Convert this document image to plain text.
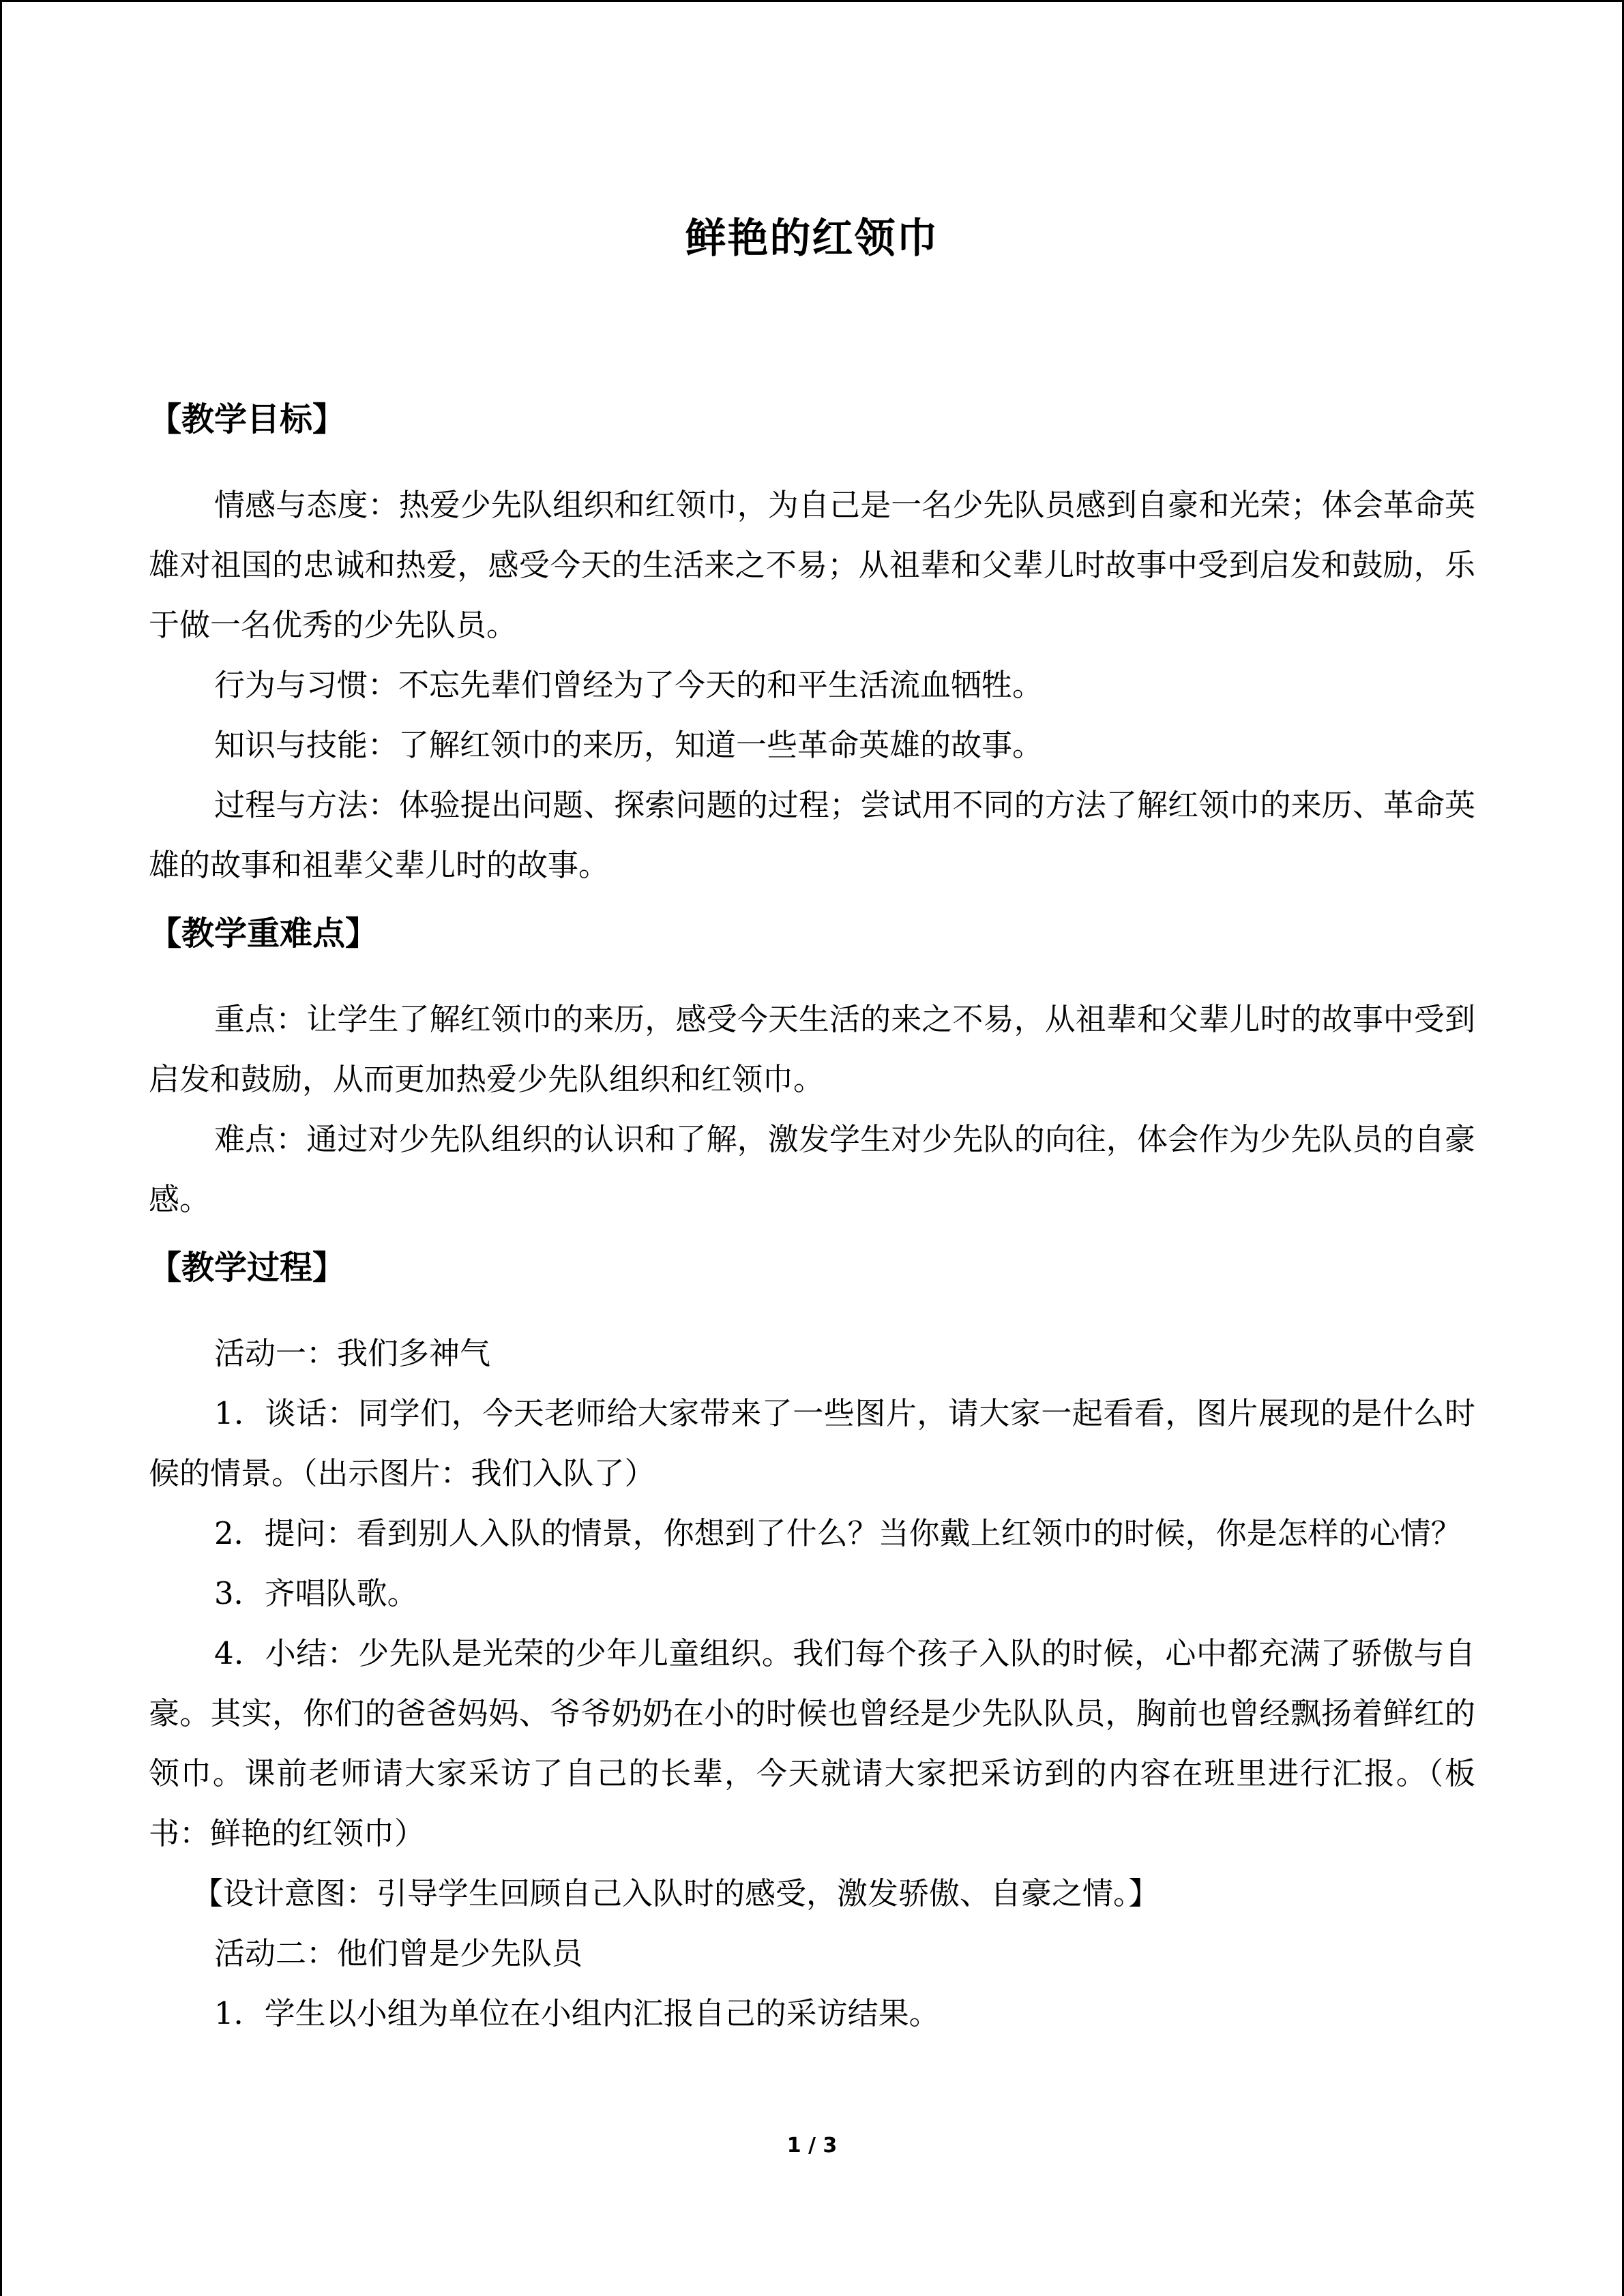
鲜艳的红领巾
【教学目标】

情感与态度：热爱少先队组织和红领巾，为自己是一名少先队员感到自豪和光荣；体会革命英雄对祖国的忠诚和热爱，感受今天的生活来之不易；从祖辈和父辈儿时故事中受到启发和鼓励，乐于做一名优秀的少先队员。

行为与习惯：不忘先辈们曾经为了今天的和平生活流血牺牲。

知识与技能：了解红领巾的来历，知道一些革命英雄的故事。

过程与方法：体验提出问题、探索问题的过程；尝试用不同的方法了解红领巾的来历、革命英雄的故事和祖辈父辈儿时的故事。

【教学重难点】

重点：让学生了解红领巾的来历，感受今天生活的来之不易，从祖辈和父辈儿时的故事中受到启发和鼓励，从而更加热爱少先队组织和红领巾。

难点：通过对少先队组织的认识和了解，激发学生对少先队的向往，体会作为少先队员的自豪感。

【教学过程】

活动一：我们多神气

1．谈话：同学们，今天老师给大家带来了一些图片，请大家一起看看，图片展现的是什么时候的情景。（出示图片：我们入队了）

2．提问：看到别人入队的情景，你想到了什么？当你戴上红领巾的时候，你是怎样的心情？

3．齐唱队歌。

4．小结：少先队是光荣的少年儿童组织。我们每个孩子入队的时候，心中都充满了骄傲与自豪。其实，你们的爸爸妈妈、爷爷奶奶在小的时候也曾经是少先队队员，胸前也曾经飘扬着鲜红的领巾。课前老师请大家采访了自己的长辈，今天就请大家把采访到的内容在班里进行汇报。（板书：鲜艳的红领巾）

【设计意图：引导学生回顾自己入队时的感受，激发骄傲、自豪之情。】

活动二：他们曾是少先队员

1．学生以小组为单位在小组内汇报自己的采访结果。

1 / 3
